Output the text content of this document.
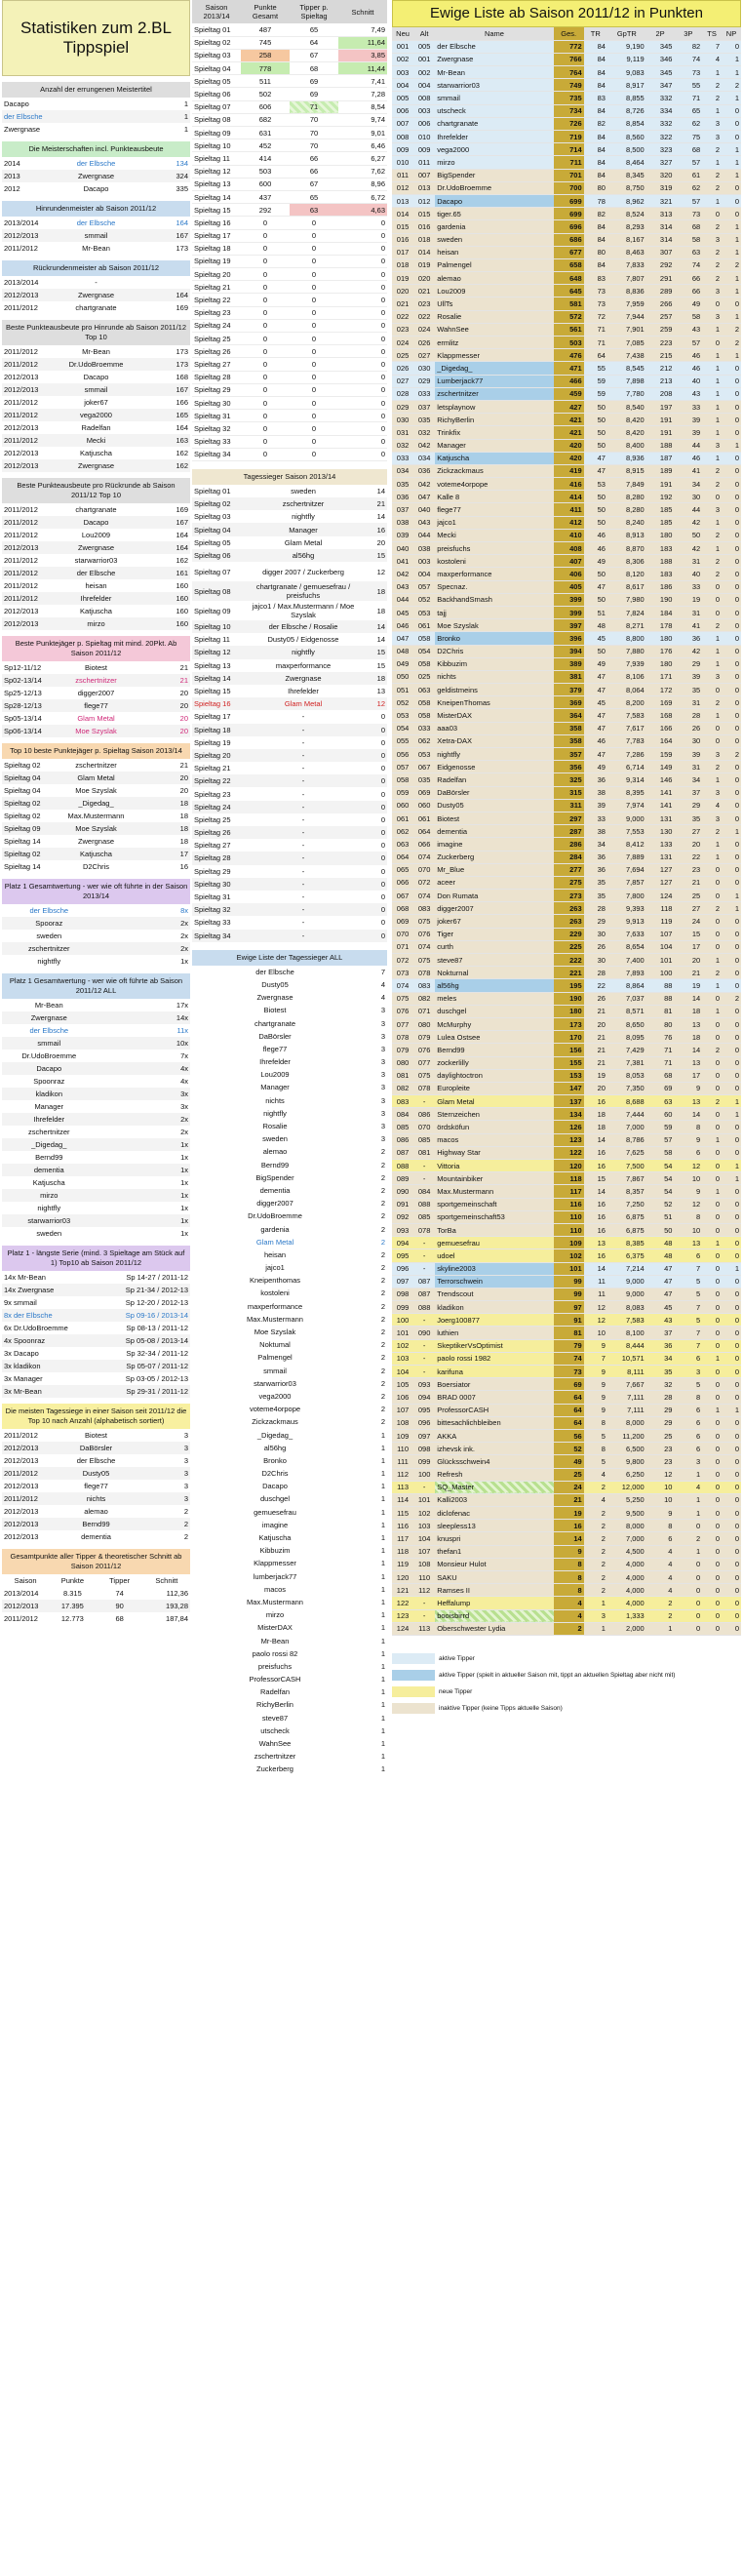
Statistiken zum 2.BL Tippspiel
Anzahl der errungenen Meistertitel
Dacapo	1
der Elbsche	1
Zwergnase	1
Die Meisterschaften incl. Punkteausbeute
2014	der Elbsche	134
2013	Zwergnase	324
2012	Dacapo	335
Hinrundenmeister ab Saison 2011/12
2013/2014	der Elbsche	164
2012/2013	smmail	167
2011/2012	Mr-Bean	173
Rückrundenmeister ab Saison 2011/12
2013/2014	-	
2012/2013	Zwergnase	164
2011/2012	chartgranate	169
Beste Punkteausbeute pro Hinrunde ab Saison 2011/12 Top 10
2011/2012	Mr-Bean	173
2011/2012	Dr.UdoBroemme	173
2012/2013	Dacapo	168
2012/2013	smmail	167
2011/2012	joker67	166
2011/2012	vega2000	165
2012/2013	Radelfan	164
2011/2012	Mecki	163
2012/2013	Katjuscha	162
2012/2013	Zwergnase	162
Beste Punkteausbeute pro Rückrunde ab Saison 2011/12 Top 10
2011/2012	chartgranate	169
2011/2012	Dacapo	167
2011/2012	Lou2009	164
2012/2013	Zwergnase	164
2011/2012	starwarrior03	162
2011/2012	der Elbsche	161
2011/2012	heisan	160
2011/2012	Ihrefelder	160
2012/2013	Katjuscha	160
2012/2013	mirzo	160
Beste Punktejäger p. Spieltag mit mind. 20Pkt. Ab Saison 2011/12
Sp12-11/12	Biotest	21
Sp02-13/14	zschertnitzer	21
Sp25-12/13	digger2007	20
Sp28-12/13	flege77	20
Sp05-13/14	Glam Metal	20
Sp06-13/14	Moe Szyslak	20
Top 10 beste Punktejäger p. Spieltag Saison 2013/14
Spieltag 02	zschertnitzer	21
Spieltag 04	Glam Metal	20
Spieltag 04	Moe Szyslak	20
Spieltag 02	_Digedag_	18
Spieltag 02	Max.Mustermann	18
Spieltag 09	Moe Szyslak	18
Spieltag 14	Zwergnase	18
Spieltag 02	Katjuscha	17
Spieltag 14	D2Chris	16
Platz 1 Gesamtwertung - wer wie oft führte in der Saison 2013/14
der Elbsche	8x
Spooraz	2x
sweden	2x
zschertnitzer	2x
nightfly	1x
Platz 1 Gesamtwertung - wer wie oft führte ab Saison 2011/12 ALL
Mr-Bean	17x
Zwergnase	14x
der Elbsche	11x
smmail	10x
Dr.UdoBroemme	7x
Dacapo	4x
Spoonraz	4x
kladikon	3x
Manager	3x
Ihrefelder	2x
zschertnitzer	2x
_Digedag_	1x
Bernd99	1x
dementia	1x
Katjuscha	1x
mirzo	1x
nightfly	1x
starwarrior03	1x
sweden	1x
Platz 1 - längste Serie (mind. 3 Spieltage am Stück auf 1) Top10 ab Saison 2011/12
14x Mr-Bean	Sp 14-27 / 2011-12
14x Zwergnase	Sp 21-34 / 2012-13
9x smmail	Sp 12-20 / 2012-13
8x der Elbsche	Sp 09-16 / 2013-14
6x Dr.UdoBroemme	Sp 08-13 / 2011-12
4x Spoonraz	Sp 05-08 / 2013-14
3x Dacapo	Sp 32-34 / 2011-12
3x kladikon	Sp 05-07 / 2011-12
3x Manager	Sp 03-05 / 2012-13
3x Mr-Bean	Sp 29-31 / 2011-12
Die meisten Tagessiege in einer Saison seit 2011/12 die Top 10 nach Anzahl (alphabetisch sortiert)
2011/2012	Biotest	3
2012/2013	DaBörsler	3
2012/2013	der Elbsche	3
2011/2012	Dusty05	3
2012/2013	flege77	3
2011/2012	nichts	3
2012/2013	alemao	2
2012/2013	Bernd99	2
2012/2013	dementia	2
Gesamtpunkte aller Tipper & theoretischer Schnitt ab Saison 2011/12
Saison	Punkte	Tipper	Schnitt
2013/2014	8.315	74	112,36
2012/2013	17.395	90	193,28
2011/2012	12.773	68	187,84
Saison 2013/14	Punkte Gesamt	Tipper p. Spieltag	Schnitt
Spieltag 01	487	65	7,49
Spieltag 02	745	64	11,64
Spieltag 03	258	67	3,85
Spieltag 04	778	68	11,44
Spieltag 05	511	69	7,41
Spieltag 06	502	69	7,28
Spieltag 07	606	71	8,54
Spieltag 08	682	70	9,74
Spieltag 09	631	70	9,01
Spieltag 10	452	70	6,46
Spieltag 11	414	66	6,27
Spieltag 12	503	66	7,62
Spieltag 13	600	67	8,96
Spieltag 14	437	65	6,72
Spieltag 15	292	63	4,63
Spieltag 16	0	0	0
Spieltag 17	0	0	0
Spieltag 18	0	0	0
Spieltag 19	0	0	0
Spieltag 20	0	0	0
Spieltag 21	0	0	0
Spieltag 22	0	0	0
Spieltag 23	0	0	0
Spieltag 24	0	0	0
Spieltag 25	0	0	0
Spieltag 26	0	0	0
Spieltag 27	0	0	0
Spieltag 28	0	0	0
Spieltag 29	0	0	0
Spieltag 30	0	0	0
Spieltag 31	0	0	0
Spieltag 32	0	0	0
Spieltag 33	0	0	0
Spieltag 34	0	0	0
Tagessieger Saison 2013/14
Spieltag 01	sweden	14
Spieltag 02	zschertnitzer	21
Spieltag 03	nightfly	14
Spieltag 04	Manager	16
Spieltag 05	Glam Metal	20
Spieltag 06	al56hg	15
Spieltag 07	digger 2007 / Zuckerberg	12
Spieltag 08	chartgranate / gemuesefrau / preisfuchs	18
Spieltag 09	jajco1 / Max.Mustermann / Moe Szyslak	18
Spieltag 10	der Elbsche / Rosalie	14
Spieltag 11	Dusty05 / Eidgenosse	14
Spieltag 12	nightfly	15
Spieltag 13	maxperformance	15
Spieltag 14	Zwergnase	18
Spieltag 15	Ihrefelder	13
Spieltag 16	Glam Metal	12
Spieltag 17	-	0
Spieltag 18	-	0
Spieltag 19	-	0
Spieltag 20	-	0
Spieltag 21	-	0
Spieltag 22	-	0
Spieltag 23	-	0
Spieltag 24	-	0
Spieltag 25	-	0
Spieltag 26	-	0
Spieltag 27	-	0
Spieltag 28	-	0
Spieltag 29	-	0
Spieltag 30	-	0
Spieltag 31	-	0
Spieltag 32	-	0
Spieltag 33	-	0
Spieltag 34	-	0
Ewige Liste der Tagessieger ALL
der Elbsche	7
Dusty05	4
Zwergnase	4
Biotest	3
chartgranate	3
DaBörsler	3
flege77	3
Ihrefelder	3
Lou2009	3
Manager	3
nichts	3
nightfly	3
Rosalie	3
sweden	3
alemao	2
Bernd99	2
BigSpender	2
dementia	2
digger2007	2
Dr.UdoBroemme	2
gardenia	2
Glam Metal	2
heisan	2
jajco1	2
Kneipenthomas	2
kostoleni	2
maxperformance	2
Max.Mustermann	2
Moe Szyslak	2
Noktumal	2
Palmengel	2
smmail	2
starwarrior03	2
vega2000	2
voteme4orpope	2
Zickzackmaus	2
_Digedag_	1
al56hg	1
Bronko	1
D2Chris	1
Dacapo	1
duschgel	1
gemuesefrau	1
imagine	1
Katjuscha	1
Kibbuzim	1
Klappmesser	1
lumberjack77	1
macos	1
Max.Mustermann	1
mirzo	1
MisterDAX	1
Mr-Bean	1
paolo rossi 82	1
preisfuchs	1
ProfessorCASH	1
Radelfan	1
RichyBerlin	1
steve87	1
utscheck	1
WahnSee	1
zschertnitzer	1
Zuckerberg	1
Ewige Liste ab Saison 2011/12 in Punkten
Neu	Alt	Name	Ges.	TR	GpTR	2P	3P	TS	NP
001	005	der Elbsche	772	84	9,190	345	82	7	0
002	001	Zwergnase	766	84	9,119	346	74	4	1
003	002	Mr-Bean	764	84	9,083	345	73	1	1
004	004	starwarrior03	749	84	8,917	347	55	2	2
005	008	smmail	735	83	8,855	332	71	2	1
006	003	utscheck	734	84	8,726	334	65	1	0
007	006	chartgranate	726	82	8,854	332	62	3	0
008	010	Ihrefelder	719	84	8,560	322	75	3	0
009	009	vega2000	714	84	8,500	323	68	2	1
010	011	mirzo	711	84	8,464	327	57	1	1
011	007	BigSpender	701	84	8,345	320	61	2	1
012	013	Dr.UdoBroemme	700	80	8,750	319	62	2	0
013	012	Dacapo	699	78	8,962	321	57	1	0
014	015	tiger.65	699	82	8,524	313	73	0	0
015	016	gardenia	696	84	8,293	314	68	2	1
016	018	sweden	686	84	8,167	314	58	3	1
017	014	heisan	677	80	8,463	307	63	2	1
018	019	Palmengel	658	84	7,833	292	74	2	2
019	020	alemao	648	83	7,807	291	66	2	1
020	021	Lou2009	645	73	8,836	289	66	3	1
021	023	UllTs	581	73	7,959	266	49	0	0
022	022	Rosalie	572	72	7,944	257	58	3	1
023	024	WahnSee	561	71	7,901	259	43	1	2
024	026	ermlitz	503	71	7,085	223	57	0	2
025	027	Klappmesser	476	64	7,438	215	46	1	1
026	030	_Digedag_	471	55	8,545	212	46	1	0
027	029	Lumberjack77	466	59	7,898	213	40	1	0
028	033	zschertnitzer	459	59	7,780	208	43	1	0
029	037	letsplaynow	427	50	8,540	197	33	1	0
030	035	RichyBerlin	421	50	8,420	191	39	1	0
031	032	Trinkfix	421	50	8,420	191	39	1	0
032	042	Manager	420	50	8,400	188	44	3	1
033	034	Katjuscha	420	47	8,936	187	46	1	0
034	036	Zickzackmaus	419	47	8,915	189	41	2	0
035	042	voteme4orpope	416	53	7,849	191	34	2	0
036	047	Kalle 8	414	50	8,280	192	30	0	0
037	040	flege77	411	50	8,280	185	44	3	0
038	043	jajco1	412	50	8,240	185	42	1	0
039	044	Mecki	410	46	8,913	180	50	2	0
040	038	preisfuchs	408	46	8,870	183	42	1	0
041	003	kostoleni	407	49	8,306	188	31	2	0
042	004	maxperformance	406	50	8,120	183	40	2	0
043	057	Specnaz.	405	47	8,617	186	33	0	0
044	052	BackhandSmash	399	50	7,980	190	19	0	0
045	053	tajj	399	51	7,824	184	31	0	0
046	061	Moe Szyslak	397	48	8,271	178	41	2	0
047	058	Bronko	396	45	8,800	180	36	1	0
048	054	D2Chris	394	50	7,880	176	42	1	0
049	058	Kibbuzim	389	49	7,939	180	29	1	0
050	025	nichts	381	47	8,106	171	39	3	0
051	063	geldistmeins	379	47	8,064	172	35	0	0
052	058	KneipenThomas	369	45	8,200	169	31	2	0
053	058	MisterDAX	364	47	7,583	168	28	1	0
054	033	aaa03	358	47	7,617	166	26	0	0
055	062	Xetra-DAX	358	46	7,783	164	30	0	0
056	053	nightfly	357	47	7,286	159	39	3	2
057	067	Eidgenosse	356	49	6,714	149	31	2	0
058	035	Radelfan	325	36	9,314	146	34	1	0
059	069	DaBörsler	315	38	8,395	141	37	3	0
060	060	Dusty05	311	39	7,974	141	29	4	0
061	061	Biotest	297	33	9,000	131	35	3	0
062	064	dementia	287	38	7,553	130	27	2	1
063	066	imagine	286	34	8,412	133	20	1	0
064	074	Zuckerberg	284	36	7,889	131	22	1	0
065	070	Mr_Blue	277	36	7,694	127	23	0	0
066	072	aceer	275	35	7,857	127	21	0	0
067	074	Don Rumata	273	35	7,800	124	25	0	1
068	083	digger2007	263	28	9,393	118	27	2	1
069	075	joker67	263	29	9,913	119	24	0	0
070	076	Tiger	229	30	7,633	107	15	0	0
071	074	curth	225	26	8,654	104	17	0	0
072	075	steve87	222	30	7,400	101	20	1	0
073	078	Nokturnal	221	28	7,893	100	21	2	0
074	083	al56hg	195	22	8,864	88	19	1	0
075	082	meles	190	26	7,037	88	14	0	2
076	071	duschgel	180	21	8,571	81	18	1	0
077	080	McMurphy	173	20	8,650	80	13	0	0
078	079	Lulea Ostsee	170	21	8,095	76	18	0	0
079	076	Bernd99	156	21	7,429	71	14	2	0
080	077	zockerlilly	155	21	7,381	71	13	0	0
081	075	daylightoctron	153	19	8,053	68	17	0	0
082	078	Europleite	147	20	7,350	69	9	0	0
083	-	Glam Metal	137	16	8,688	63	13	2	1
084	086	Sternzeichen	134	18	7,444	60	14	0	1
085	070	ördsköfun	126	18	7,000	59	8	0	0
086	085	macos	123	14	8,786	57	9	1	0
087	081	Highway Star	122	16	7,625	58	6	0	0
088	-	Vittoria	120	16	7,500	54	12	0	1
089	-	Mountainbiker	118	15	7,867	54	10	0	1
090	084	Max.Mustermann	117	14	8,357	54	9	1	0
091	088	sportgemeinschaft	116	16	7,250	52	12	0	0
092	085	sportgemeinschaft53	110	16	6,875	51	8	0	0
093	078	TorBa	110	16	6,875	50	10	0	0
094	-	gemuesefrau	109	13	8,385	48	13	1	0
095	-	udoel	102	16	6,375	48	6	0	0
096	-	skyline2003	101	14	7,214	47	7	0	1
097	087	Terrorschwein	99	11	9,000	47	5	0	0
098	087	Trendscout	99	11	9,000	47	5	0	0
099	088	kladikon	97	12	8,083	45	7	0	0
100	-	Joerg100877	91	12	7,583	43	5	0	0
101	090	luthien	81	10	8,100	37	7	0	0
102	-	SkeptikerVsOptimist	79	9	8,444	36	7	0	0
103	-	paolo rossi 1982	74	7	10,571	34	6	1	0
104	-	karifuna	73	9	8,111	35	3	0	0
105	093	Boersiator	69	9	7,667	32	5	0	0
106	094	BRAD 0007	64	9	7,111	28	8	0	0
107	095	ProfessorCASH	64	9	7,111	29	6	1	1
108	096	bittesachlichbleiben	64	8	8,000	29	6	0	0
109	097	AKKA	56	5	11,200	25	6	0	0
110	098	izhevsk ink.	52	8	6,500	23	6	0	0
111	099	Glücksschwein4	49	5	9,800	23	3	0	0
112	100	Refresh	25	4	6,250	12	1	0	0
113	-	SQ_Master	24	2	12,000	10	4	0	0
114	101	Kalli2003	21	4	5,250	10	1	0	0
115	102	diclofenac	19	2	9,500	9	1	0	0
116	103	sleepless13	16	2	8,000	8	0	0	0
117	104	knuspri	14	2	7,000	6	2	0	0
118	107	thefan1	9	2	4,500	4	1	0	0
119	108	Monsieur Hulot	8	2	4,000	4	0	0	0
120	110	SAKU	8	2	4,000	4	0	0	0
121	112	Ramses II	8	2	4,000	4	0	0	0
122	-	Heffalump	4	1	4,000	2	0	0	0
123	-	booisbirrd	4	3	1,333	2	0	0	0
124	113	Oberschwester Lydia	2	1	2,000	1	0	0	0
aktive Tipper
aktive Tipper (spielt in aktueller Saison mit, tippt an aktuellen Spieltag aber nicht mit)
neue Tipper
inaktive Tipper (keine Tipps aktuelle Saison)
